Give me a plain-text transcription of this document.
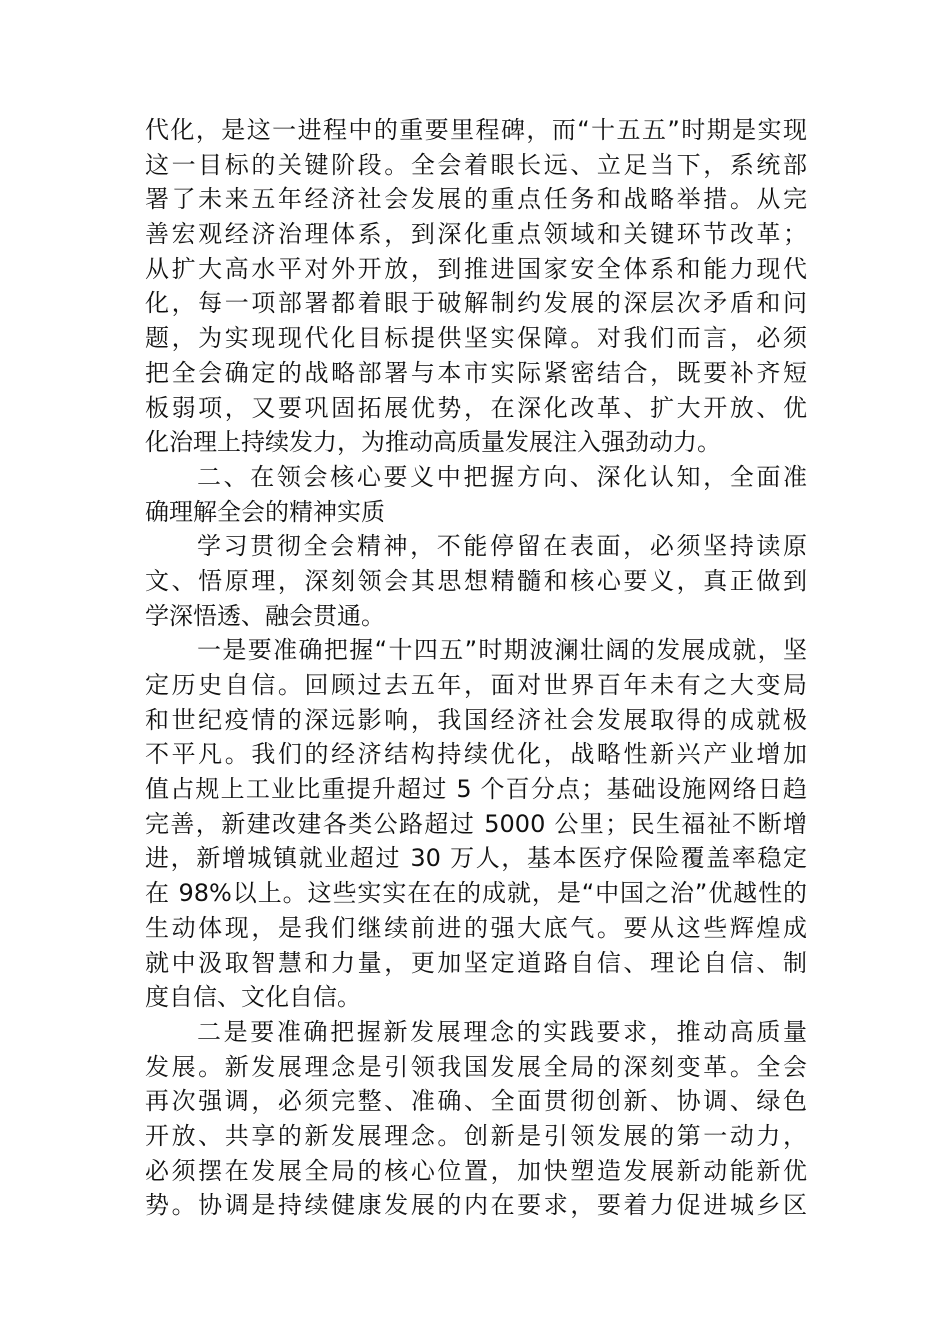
代化，是这一进程中的重要里程碑，而“十五五”时期是实现
这一目标的关键阶段。全会着眼长远、立足当下，系统部
署了未来五年经济社会发展的重点任务和战略举措。从完
善宏观经济治理体系，到深化重点领域和关键环节改革；
从扩大高水平对外开放，到推进国家安全体系和能力现代
化，每一项部署都着眼于破解制约发展的深层次矛盾和问
题，为实现现代化目标提供坚实保障。对我们而言，必须
把全会确定的战略部署与本市实际紧密结合，既要补齐短
板弱项，又要巩固拓展优势，在深化改革、扩大开放、优
化治理上持续发力，为推动高质量发展注入强劲动力。
二、在领会核心要义中把握方向、深化认知，全面准
确理解全会的精神实质
学习贯彻全会精神，不能停留在表面，必须坚持读原
文、悟原理，深刻领会其思想精髓和核心要义，真正做到
学深悟透、融会贯通。
一是要准确把握“十四五”时期波澜壮阔的发展成就，坚
定历史自信。回顾过去五年，面对世界百年未有之大变局
和世纪疫情的深远影响，我国经济社会发展取得的成就极
不平凡。我们的经济结构持续优化，战略性新兴产业增加
值占规上工业比重提升超过 5 个百分点；基础设施网络日趋
完善，新建改建各类公路超过 5000 公里；民生福祉不断增
进，新增城镇就业超过 30 万人，基本医疗保险覆盖率稳定
在 98%以上。这些实实在在的成就，是“中国之治”优越性的
生动体现，是我们继续前进的强大底气。要从这些辉煌成
就中汲取智慧和力量，更加坚定道路自信、理论自信、制
度自信、文化自信。
二是要准确把握新发展理念的实践要求，推动高质量
发展。新发展理念是引领我国发展全局的深刻变革。全会
再次强调，必须完整、准确、全面贯彻创新、协调、绿色
开放、共享的新发展理念。创新是引领发展的第一动力，
必须摆在发展全局的核心位置，加快塑造发展新动能新优
势。协调是持续健康发展的内在要求，要着力促进城乡区
